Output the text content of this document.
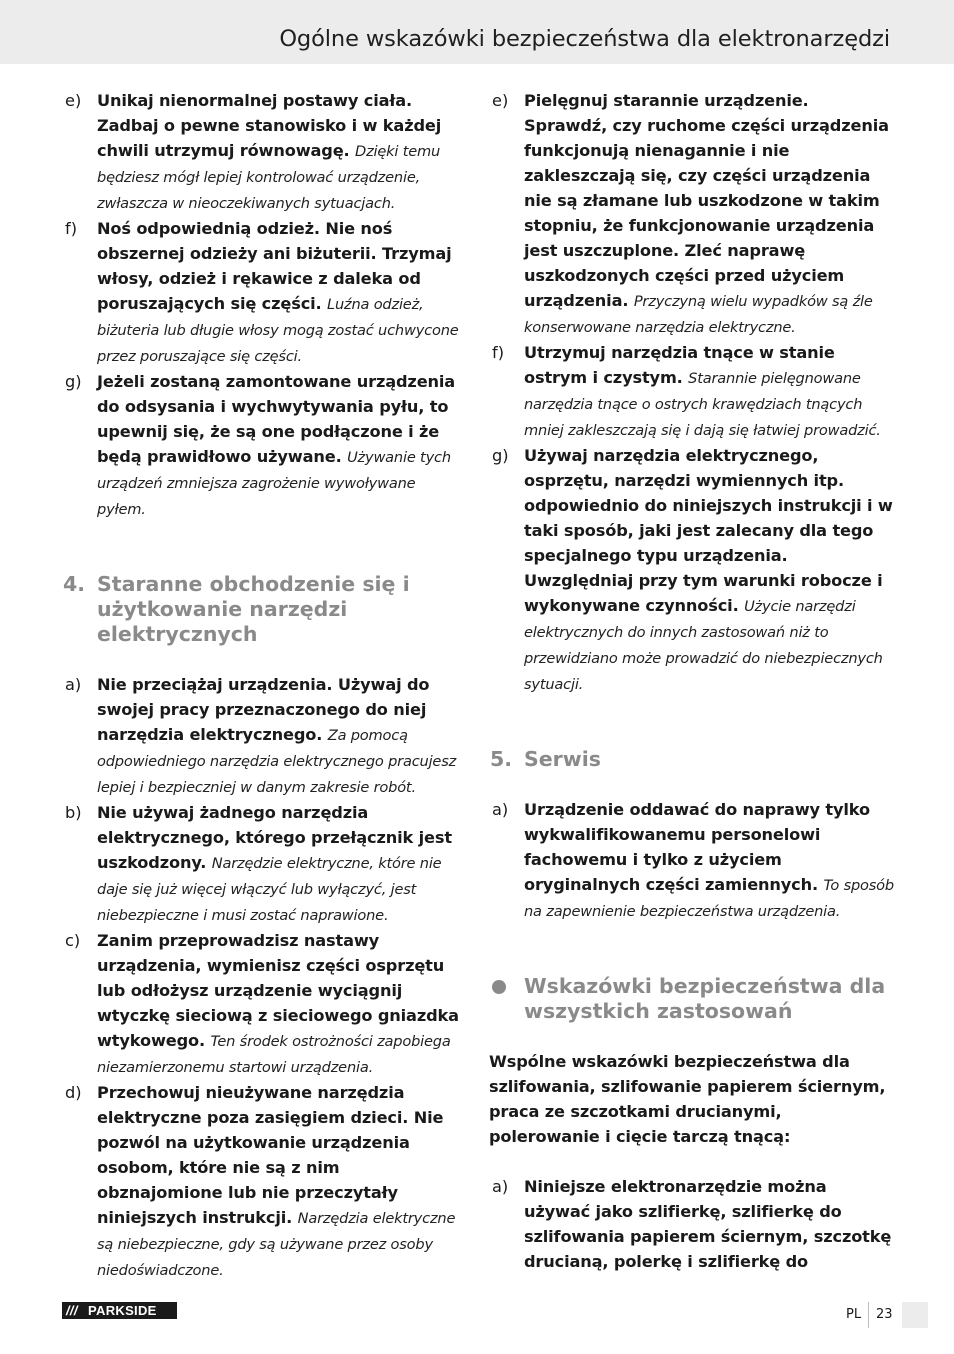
Ogólne wskazówki bezpieczeństwa dla elektronarzędzi
e) Unikaj nienormalnej postawy ciała. Zadbaj o pewne stanowisko i w każdej chwili utrzymuj równowagę. Dzięki temu będziesz mógł lepiej kontrolować urządzenie, zwłaszcza w nieoczekiwanych sytuacjach.
f) Noś odpowiednią odzież. Nie noś obszernej odzieży ani biżuterii. Trzymaj włosy, odzież i rękawice z daleka od poruszających się części. Luźna odzież, biżuteria lub długie włosy mogą zostać uchwycone przez poruszające się części.
g) Jeżeli zostaną zamontowane urządzenia do odsysania i wychwytywania pyłu, to upewnij się, że są one podłączone i że będą prawidłowo używane. Używanie tych urządzeń zmniejsza zagrożenie wywoływane pyłem.
4. Staranne obchodzenie się i użytkowanie narzędzi elektrycznych
a) Nie przeciążaj urządzenia. Używaj do swojej pracy przeznaczonego do niej narzędzia elektrycznego. Za pomocą odpowiedniego narzędzia elektrycznego pracujesz lepiej i bezpieczniej w danym zakresie robót.
b) Nie używaj żadnego narzędzia elektrycznego, którego przełącznik jest uszkodzony. Narzędzie elektryczne, które nie daje się już więcej włączyć lub wyłączyć, jest niebezpieczne i musi zostać naprawione.
c) Zanim przeprowadzisz nastawy urządzenia, wymienisz części osprzętu lub odłożysz urządzenie wyciągnij wtyczkę sieciową z sieciowego gniazdka wtykowego. Ten środek ostrożności zapobiega niezamierzonemu startowi urządzenia.
d) Przechowuj nieużywane narzędzia elektryczne poza zasięgiem dzieci. Nie pozwól na użytkowanie urządzenia osobom, które nie są z nim obznajomione lub nie przeczytały niniejszych instrukcji. Narzędzia elektryczne są niebezpieczne, gdy są używane przez osoby niedoświadczone.
e) Pielęgnuj starannie urządzenie. Sprawdź, czy ruchome części urządzenia funkcjonują nienagannie i nie zakleszczają się, czy części urządzenia nie są złamane lub uszkodzone w takim stopniu, że funkcjonowanie urządzenia jest uszczuplone. Zleć naprawę uszkodzonych części przed użyciem urządzenia. Przyczyną wielu wypadków są źle konserwowane narzędzia elektryczne.
f) Utrzymuj narzędzia tnące w stanie ostrym i czystym. Starannie pielęgnowane narzędzia tnące o ostrych krawędziach tnących mniej zakleszczają się i dają się łatwiej prowadzić.
g) Używaj narzędzia elektrycznego, osprzętu, narzędzi wymiennych itp. odpowiednio do niniejszych instrukcji i w taki sposób, jaki jest zalecany dla tego specjalnego typu urządzenia. Uwzględniaj przy tym warunki robocze i wykonywane czynności. Użycie narzędzi elektrycznych do innych zastosowań niż to przewidziano może prowadzić do niebezpiecznych sytuacji.
5. Serwis
a) Urządzenie oddawać do naprawy tylko wykwalifikowanemu personelowi fachowemu i tylko z użyciem oryginalnych części zamiennych. To sposób na zapewnienie bezpieczeństwa urządzenia.
Wskazówki bezpieczeństwa dla wszystkich zastosowań
Wspólne wskazówki bezpieczeństwa dla szlifowania, szlifowanie papierem ściernym, praca ze szczotkami drucianymi, polerowanie i cięcie tarczą tnącą:
a) Niniejsze elektronarzędzie można używać jako szlifierkę, szlifierkę do szlifowania papierem ściernym, szczotkę drucianą, polerkę i szlifierkę do
/// PARKSIDE	PL 23
